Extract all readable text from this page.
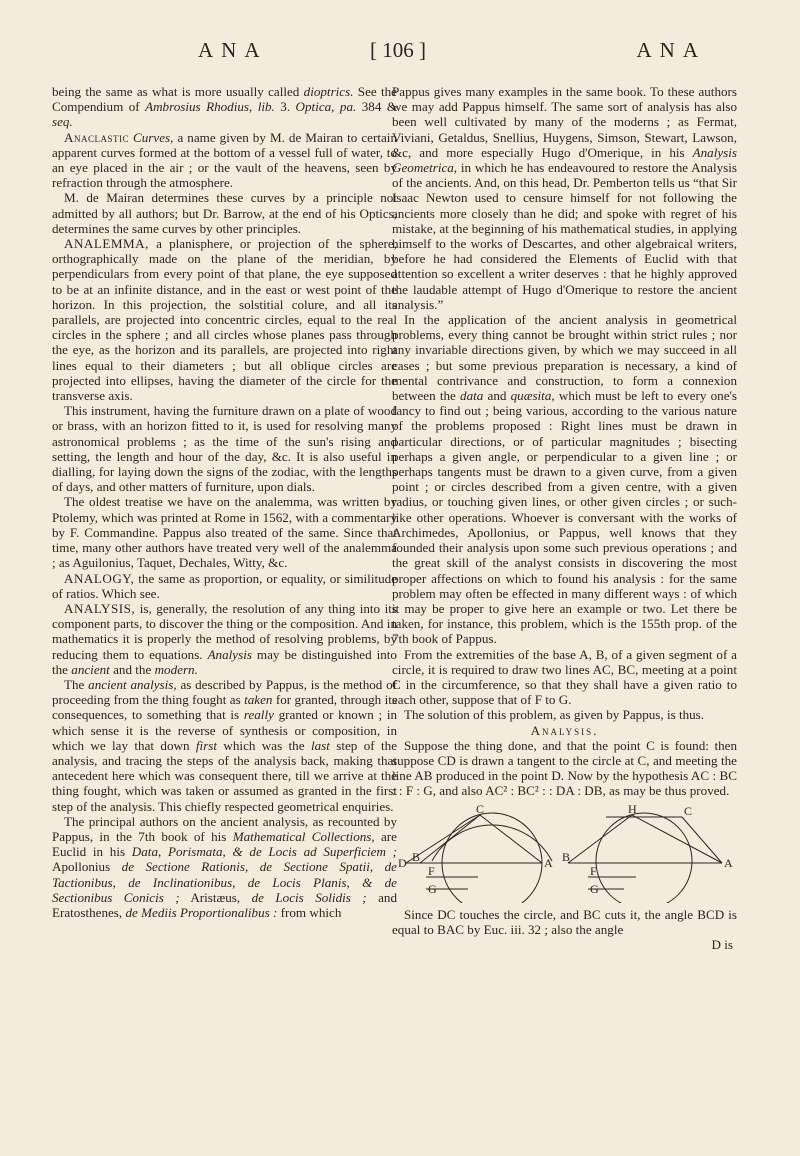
ANA	[ 106 ]	ANA

being the same as what is more usually called dioptrics. See the Compendium of Ambrosius Rhodius, lib. 3. Optica, pa. 384 & seq.

Anaclastic Curves, a name given by M. de Mairan to certain apparent curves formed at the bottom of a vessel full of water, to an eye placed in the air ; or the vault of the heavens, seen by refraction through the atmosphere.

M. de Mairan determines these curves by a principle not admitted by all authors; but Dr. Barrow, at the end of his Optics, determines the same curves by other principles.

ANALEMMA, a planisphere, or projection of the sphere, orthographically made on the plane of the meridian, by perpendiculars from every point of that plane, the eye supposed to be at an infinite distance, and in the east or west point of the horizon. In this projection, the solstitial colure, and all its parallels, are projected into concentric circles, equal to the real circles in the sphere ; and all circles whose planes pass through the eye, as the horizon and its parallels, are projected into right lines equal to their diameters ; but all oblique circles are projected into ellipses, having the diameter of the circle for the transverse axis.

This instrument, having the furniture drawn on a plate of wood or brass, with an horizon fitted to it, is used for resolving many astronomical problems ; as the time of the sun's rising and setting, the length and hour of the day, &c. It is also useful in dialling, for laying down the signs of the zodiac, with the lengths of days, and other matters of furniture, upon dials.

The oldest treatise we have on the analemma, was written by Ptolemy, which was printed at Rome in 1562, with a commentary by F. Commandine. Pappus also treated of the same. Since that time, many other authors have treated very well of the analemma ; as Aguilonius, Taquet, Dechales, Witty, &c.

ANALOGY, the same as proportion, or equality, or similitude of ratios. Which see.

ANALYSIS, is, generally, the resolution of any thing into its component parts, to discover the thing or the composition. And in mathematics it is properly the method of resolving problems, by reducing them to equations. Analysis may be distinguished into the ancient and the modern.

The ancient analysis, as described by Pappus, is the method of proceeding from the thing fought as taken for granted, through its consequences, to something that is really granted or known ; in which sense it is the reverse of synthesis or composition, in which we lay that down first which was the last step of the analysis, and tracing the steps of the analysis back, making that antecedent here which was consequent there, till we arrive at the thing fought, which was taken or assumed as granted in the first step of the analysis. This chiefly respected geometrical enquiries.

The principal authors on the ancient analysis, as recounted by Pappus, in the 7th book of his Mathematical Collections, are Euclid in his Data, Porismata, & de Locis ad Superficiem ; Apollonius de Sectione Rationis, de Sectione Spatii, de Tactionibus, de Inclinationibus, de Locis Planis, & de Sectionibus Conicis ; Aristæus, de Locis Solidis ; and Eratosthenes, de Mediis Proportionalibus : from which

Pappus gives many examples in the same book. To these authors we may add Pappus himself. The same sort of analysis has also been well cultivated by many of the moderns ; as Fermat, Viviani, Getaldus, Snellius, Huygens, Simson, Stewart, Lawson, &c, and more especially Hugo d'Omerique, in his Analysis Geometrica, in which he has endeavoured to restore the Analysis of the ancients. And, on this head, Dr. Pemberton tells us “that Sir Isaac Newton used to censure himself for not following the ancients more closely than he did; and spoke with regret of his mistake, at the beginning of his mathematical studies, in applying himself to the works of Descartes, and other algebraical writers, before he had considered the Elements of Euclid with that attention so excellent a writer deserves : that he highly approved the laudable attempt of Hugo d'Omerique to restore the ancient analysis.”

In the application of the ancient analysis in geometrical problems, every thing cannot be brought within strict rules ; nor any invariable directions given, by which we may succeed in all cases ; but some previous preparation is necessary, a kind of mental contrivance and construction, to form a connexion between the data and quæsita, which must be left to every one's fancy to find out ; being various, according to the various nature of the problems proposed : Right lines must be drawn in particular directions, or of particular magnitudes ; bisecting perhaps a given angle, or perpendicular to a given line ; or perhaps tangents must be drawn to a given curve, from a given point ; or circles described from a given centre, with a given radius, or touching given lines, or other given circles ; or such-like other operations. Whoever is conversant with the works of Archimedes, Apollonius, or Pappus, well knows that they founded their analysis upon some such previous operations ; and the great skill of the analyst consists in discovering the most proper affections on which to found his analysis : for the same problem may often be effected in many different ways : of which it may be proper to give here an example or two. Let there be taken, for instance, this problem, which is the 155th prop. of the 7th book of Pappus.

From the extremities of the base A, B, of a given segment of a circle, it is required to draw two lines AC, BC, meeting at a point C in the circumference, so that they shall have a given ratio to each other, suppose that of F to G.

The solution of this problem, as given by Pappus, is thus.

Analysis.

Suppose the thing done, and that the point C is found: then suppose CD is drawn a tangent to the circle at C, and meeting the line AB produced in the point D. Now by the hypothesis AC : BC : : F : G, and also AC² : BC² : : DA : DB, as may be thus proved.

D B
C
A
F
G
H	C
B	A
F
G

Since DC touches the circle, and BC cuts it, the angle BCD is equal to BAC by Euc. iii. 32 ; also the angle

D is
